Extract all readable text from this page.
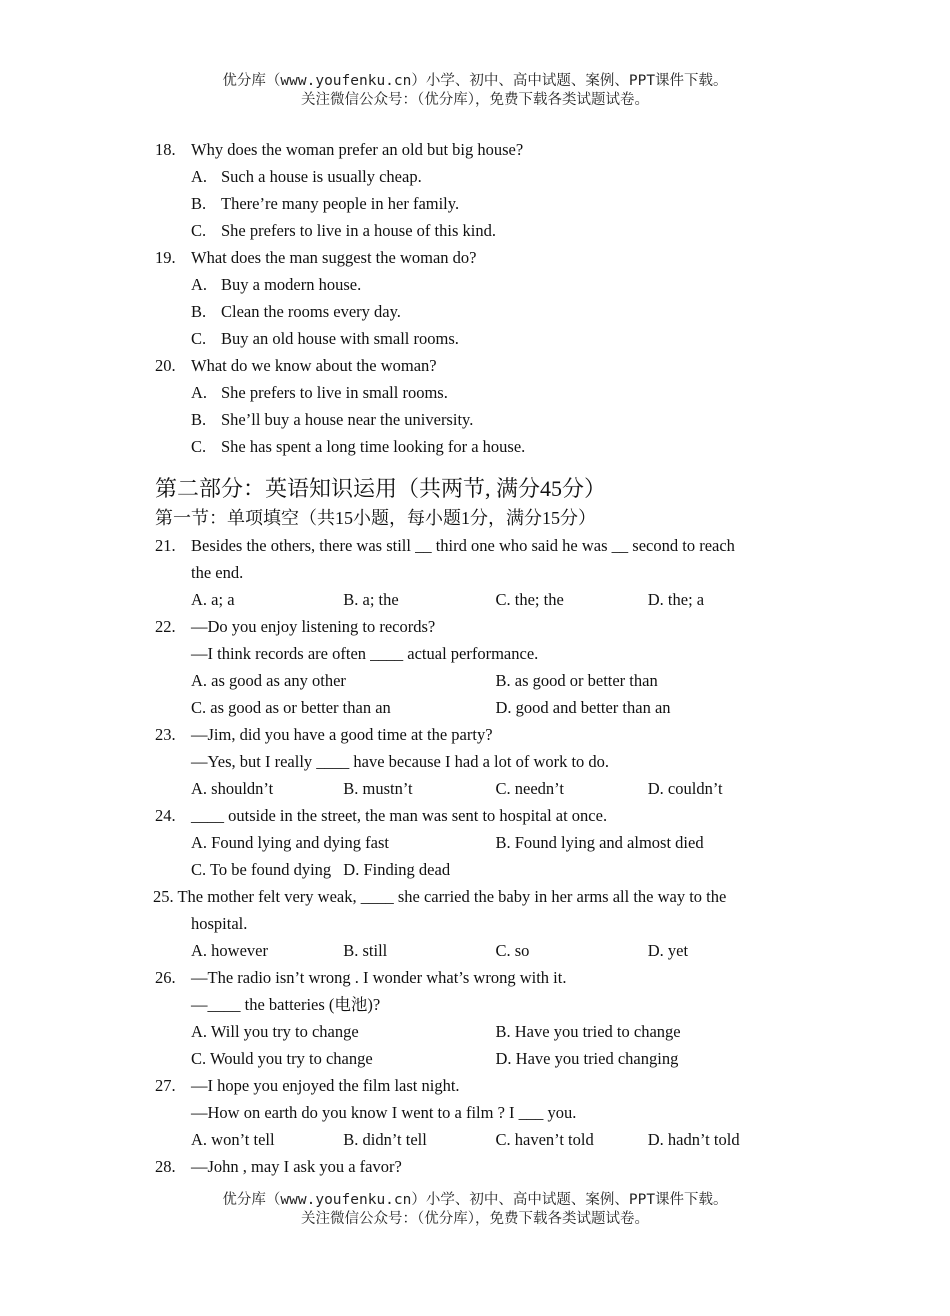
优分库（www.youfenku.cn）小学、初中、高中试题、案例、PPT课件下载。
关注微信公众号：（优分库），免费下载各类试题试卷。
18. Why does the woman prefer an old but big house?
A. Such a house is usually cheap.
B. There’re many people in her family.
C. She prefers to live in a house of this kind.
19. What does the man suggest the woman do?
A. Buy a modern house.
B. Clean the rooms every day.
C. Buy an old house with small rooms.
20. What do we know about the woman?
A. She prefers to live in small rooms.
B. She’ll buy a house near the university.
C. She has spent a long time looking for a house.
第二部分：英语知识运用（共两节, 满分45分）
第一节：单项填空（共15小题，每小题1分，满分15分）
21. Besides the others, there was still __ third one who said he was __ second to reach
the end.
A. a; a	B. a; the	C. the; the	D. the; a
22. —Do you enjoy listening to records?
—I think records are often ____ actual performance.
A. as good as any other	B. as good or better than
C. as good as or better than an	D. good and better than an
23. —Jim, did you have a good time at the party?
—Yes, but I really ____ have because I had a lot of work to do.
A. shouldn’t	B. mustn’t	C. needn’t	D. couldn’t
24. ____ outside in the street, the man was sent to hospital at once.
A. Found lying and dying fast	B. Found lying and almost died
C. To be found dying D. Finding dead
25. The mother felt very weak, ____ she carried the baby in her arms all the way to the
hospital.
A. however	B. still	C. so	D. yet
26. —The radio isn’t wrong . I wonder what’s wrong with it.
—____ the batteries (电池)?
A. Will you try to change	B. Have you tried to change
C. Would you try to change	D. Have you tried changing
27. —I hope you enjoyed the film last night.
—How on earth do you know I went to a film ? I ___ you.
A. won’t tell	B. didn’t tell	C. haven’t told	D. hadn’t told
28. —John , may I ask you a favor?
优分库（www.youfenku.cn）小学、初中、高中试题、案例、PPT课件下载。
关注微信公众号：（优分库），免费下载各类试题试卷。
